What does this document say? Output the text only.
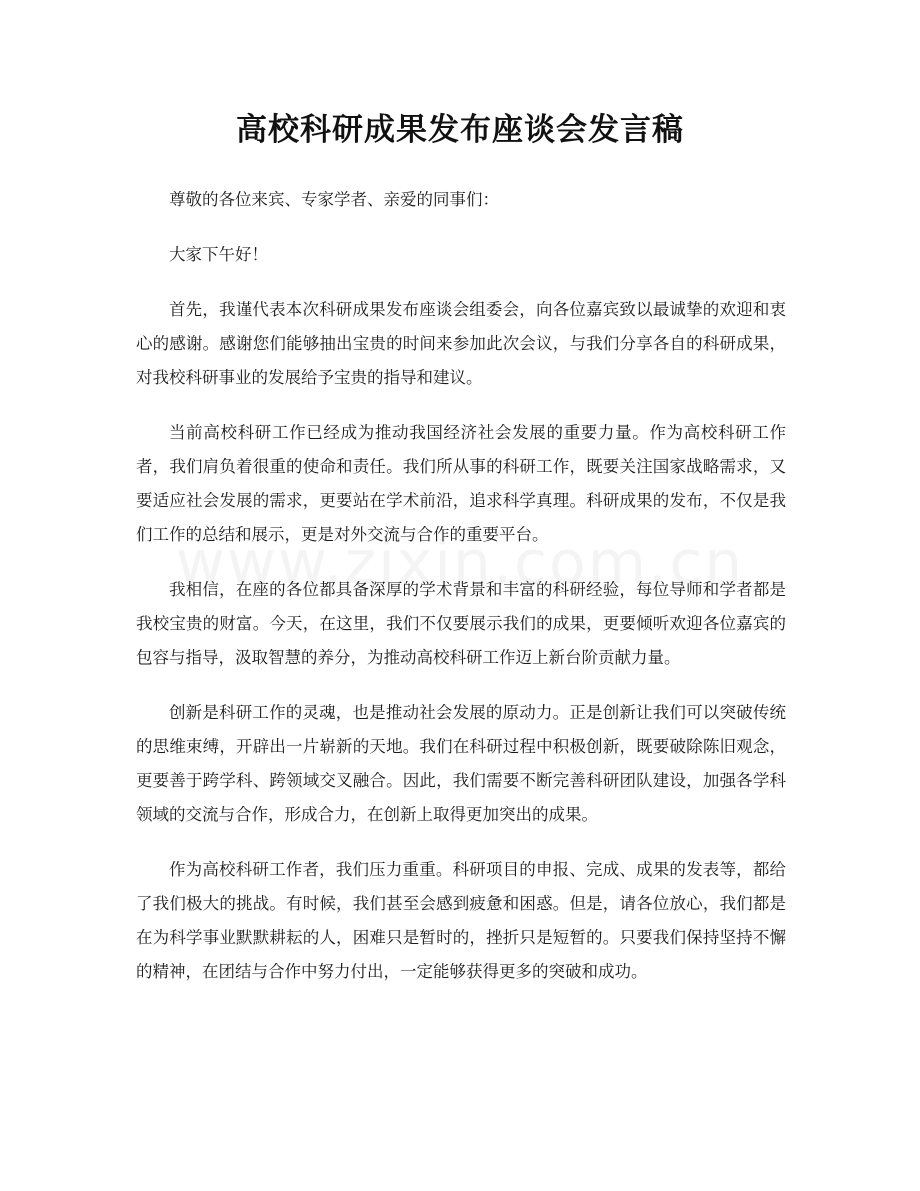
高校科研成果发布座谈会发言稿

尊敬的各位来宾、专家学者、亲爱的同事们：

大家下午好！

首先，我谨代表本次科研成果发布座谈会组委会，向各位嘉宾致以最诚挚的欢迎和衷心的感谢。感谢您们能够抽出宝贵的时间来参加此次会议，与我们分享各自的科研成果，对我校科研事业的发展给予宝贵的指导和建议。

当前高校科研工作已经成为推动我国经济社会发展的重要力量。作为高校科研工作者，我们肩负着很重的使命和责任。我们所从事的科研工作，既要关注国家战略需求，又要适应社会发展的需求，更要站在学术前沿，追求科学真理。科研成果的发布，不仅是我们工作的总结和展示，更是对外交流与合作的重要平台。

我相信，在座的各位都具备深厚的学术背景和丰富的科研经验，每位导师和学者都是我校宝贵的财富。今天，在这里，我们不仅要展示我们的成果，更要倾听欢迎各位嘉宾的包容与指导，汲取智慧的养分，为推动高校科研工作迈上新台阶贡献力量。

创新是科研工作的灵魂，也是推动社会发展的原动力。正是创新让我们可以突破传统的思维束缚，开辟出一片崭新的天地。我们在科研过程中积极创新，既要破除陈旧观念，更要善于跨学科、跨领域交叉融合。因此，我们需要不断完善科研团队建设，加强各学科领域的交流与合作，形成合力，在创新上取得更加突出的成果。

作为高校科研工作者，我们压力重重。科研项目的申报、完成、成果的发表等，都给了我们极大的挑战。有时候，我们甚至会感到疲惫和困惑。但是，请各位放心，我们都是在为科学事业默默耕耘的人，困难只是暂时的，挫折只是短暂的。只要我们保持坚持不懈的精神，在团结与合作中努力付出，一定能够获得更多的突破和成功。
